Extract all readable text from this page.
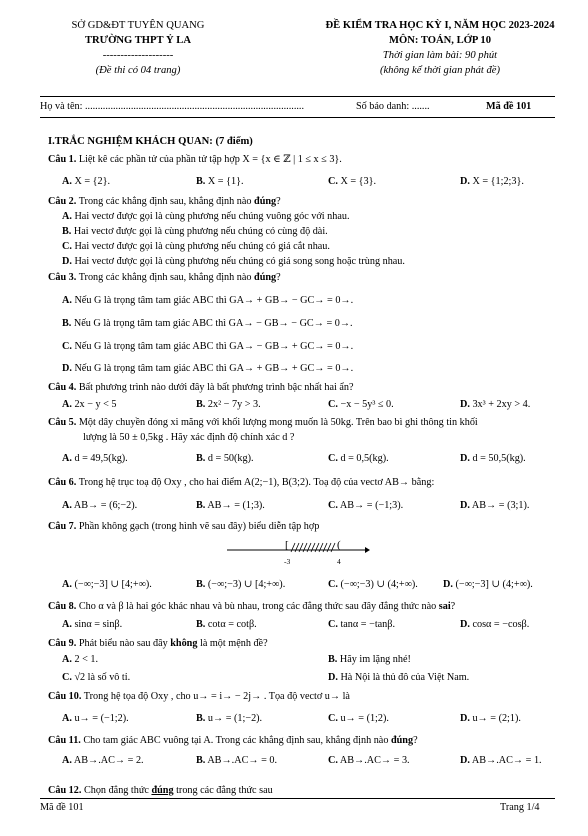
SỞ GD&ĐT TUYÊN QUANG
TRƯỜNG THPT Ỷ LA
--------------------
(Đề thi có 04 trang)
ĐỀ KIỂM TRA HỌC KỲ I, NĂM HỌC 2023-2024
MÔN: TOÁN, LỚP 10
Thời gian làm bài: 90 phút
(không kể thời gian phát đề)
Họ và tên: ......................................................................................	Số báo danh: .......	Mã đề 101
I.TRẮC NGHIỆM KHÁCH QUAN: (7 điểm)
Câu 1. Liệt kê các phần tử của phần tử tập hợp X = {x ∈ ℤ | 1 ≤ x ≤ 3}.
A. X = {2}.	B. X = {1}.	C. X = {3}.	D. X = {1;2;3}.
Câu 2. Trong các khẳng định sau, khẳng định nào đúng?
A. Hai vectơ được gọi là cùng phương nếu chúng vuông góc với nhau.
B. Hai vectơ được gọi là cùng phương nếu chúng có cùng độ dài.
C. Hai vectơ được gọi là cùng phương nếu chúng có giá cắt nhau.
D. Hai vectơ được gọi là cùng phương nếu chúng có giá song song hoặc trùng nhau.
Câu 3. Trong các khẳng định sau, khẳng định nào đúng?
A. Nếu G là trọng tâm tam giác ABC thì GA→ + GB→ − GC→ = 0→.
B. Nếu G là trọng tâm tam giác ABC thì GA→ − GB→ − GC→ = 0→.
C. Nếu G là trọng tâm tam giác ABC thì GA→ − GB→ + GC→ = 0→.
D. Nếu G là trọng tâm tam giác ABC thì GA→ + GB→ + GC→ = 0→.
Câu 4. Bất phương trình nào dưới đây là bất phương trình bậc nhất hai ẩn?
A. 2x − y < 5	B. 2x² − 7y > 3.	C. −x − 5y³ ≤ 0.	D. 3x³ + 2xy > 4.
Câu 5. Một dây chuyền đóng xi măng với khối lượng mong muốn là 50kg. Trên bao bì ghi thông tin khối
lượng là 50 ± 0,5kg . Hãy xác định độ chính xác d ?
A. d = 49,5(kg).	B. d = 50(kg).	C. d = 0,5(kg).	D. d = 50,5(kg).
Câu 6. Trong hệ trục toạ độ Oxy , cho hai điểm A(2;−1), B(3;2). Toạ độ của vectơ AB→ bằng:
A. AB→ = (6;−2).	B. AB→ = (1;3).	C. AB→ = (−1;3).	D. AB→ = (3;1).
Câu 7. Phần không gạch (trong hình vẽ sau đây) biểu diễn tập hợp
[	(
-3	4
A. (−∞;−3] ∪ [4;+∞).	B. (−∞;−3) ∪ [4;+∞).	C. (−∞;−3) ∪ (4;+∞). D. (−∞;−3] ∪ (4;+∞).
Câu 8. Cho α và β là hai góc khác nhau và bù nhau, trong các đẳng thức sau đây đẳng thức nào sai?
A. sinα = sinβ.	B. cotα = cotβ.	C. tanα = −tanβ.	D. cosα = −cosβ.
Câu 9. Phát biểu nào sau đây không là một mệnh đề?
A. 2 < 1.	B. Hãy im lặng nhé!
C. √2 là số vô tỉ.	D. Hà Nội là thủ đô của Việt Nam.
Câu 10. Trong hệ tọa độ Oxy , cho u→ = i→ − 2j→ . Tọa độ vectơ u→ là
A. u→ = (−1;2).	B. u→ = (1;−2).	C. u→ = (1;2).	D. u→ = (2;1).
Câu 11. Cho tam giác ABC vuông tại A. Trong các khẳng định sau, khẳng định nào đúng?
A. AB→.AC→ = 2.	B. AB→.AC→ = 0.	C. AB→.AC→ = 3.	D. AB→.AC→ = 1.
Câu 12. Chọn đẳng thức đúng trong các đẳng thức sau
Mã đề 101	Trang 1/4
